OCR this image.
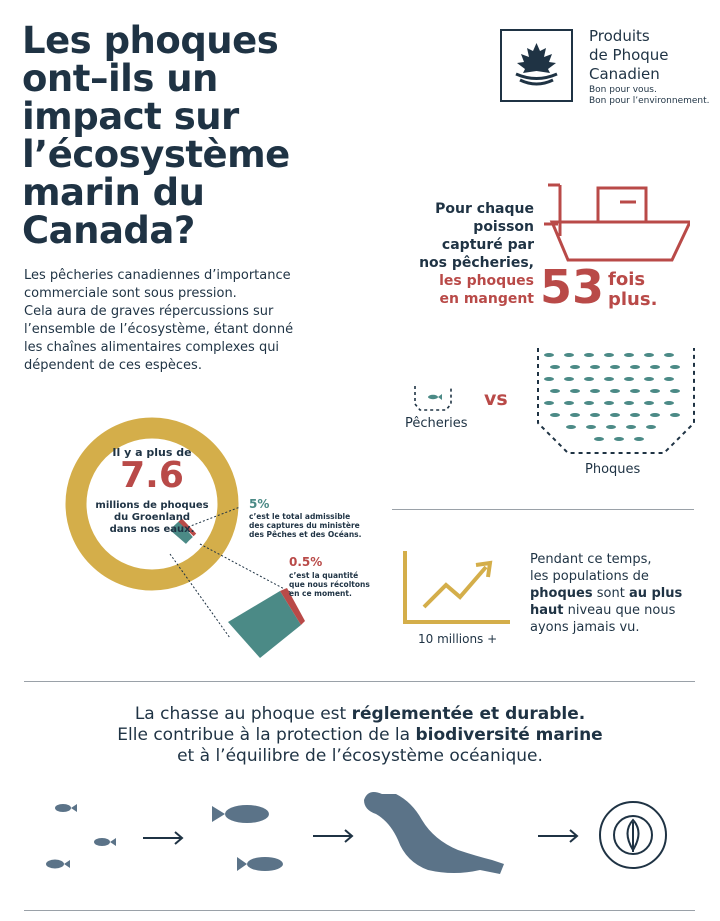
Les phoques
ont–ils un
impact sur
l’écosystème
marin du
Canada?
Produits
de Phoque
Canadien
Bon pour vous.
Bon pour l’environnement.
Les pêcheries canadiennes d’importance
commerciale sont sous pression.
Cela aura de graves répercussions sur
l’ensemble de l’écosystème, étant donné
les chaînes alimentaires complexes qui
dépendent de ces espèces.
Pour chaque
poisson
capturé par
nos pêcheries,
les phoques
en mangent 53 fois
plus.
vs
Pêcheries
Phoques
Il y a plus de
7.6
millions de phoques
du Groenland
dans nos eaux.
5%
c’est le total admissible
des captures du ministère
des Pêches et des Océans.
0.5%
c’est la quantité
que nous récoltons
en ce moment.
10 millions +
Pendant ce temps,
les populations de
phoques sont au plus
haut niveau que nous
ayons jamais vu.
La chasse au phoque est réglementée et durable.
Elle contribue à la protection de la biodiversité marine
et à l’équilibre de l’écosystème océanique.
